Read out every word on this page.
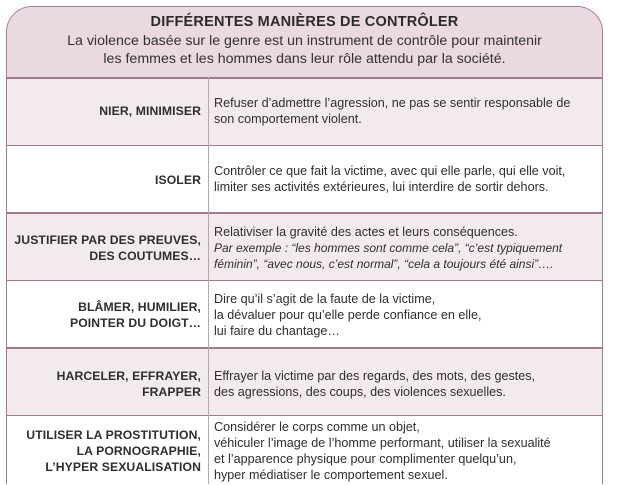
DIFFÉRENTES MANIÈRES DE CONTRÔLER
La violence basée sur le genre est un instrument de contrôle pour maintenir
les femmes et les hommes dans leur rôle attendu par la société.
NIER, MINIMISER
Refuser d’admettre l’agression, ne pas se sentir responsable de
son comportement violent.
ISOLER
Contrôler ce que fait la victime, avec qui elle parle, qui elle voit,
limiter ses activités extérieures, lui interdire de sortir dehors.
JUSTIFIER PAR DES PREUVES,
DES COUTUMES…
Relativiser la gravité des actes et leurs conséquences.
Par exemple : “les hommes sont comme cela”, “c’est typiquement
féminin”, “avec nous, c’est normal”, “cela a toujours été ainsi”….
BLÂMER, HUMILIER,
POINTER DU DOIGT…
Dire qu’il s’agit de la faute de la victime,
la dévaluer pour qu’elle perde confiance en elle,
lui faire du chantage…
HARCELER, EFFRAYER,
FRAPPER
Effrayer la victime par des regards, des mots, des gestes,
des agressions, des coups, des violences sexuelles.
UTILISER LA PROSTITUTION,
LA PORNOGRAPHIE,
L’HYPER SEXUALISATION
Considérer le corps comme un objet,
véhiculer l’image de l’homme performant, utiliser la sexualité
et l’apparence physique pour complimenter quelqu’un,
hyper médiatiser le comportement sexuel.
